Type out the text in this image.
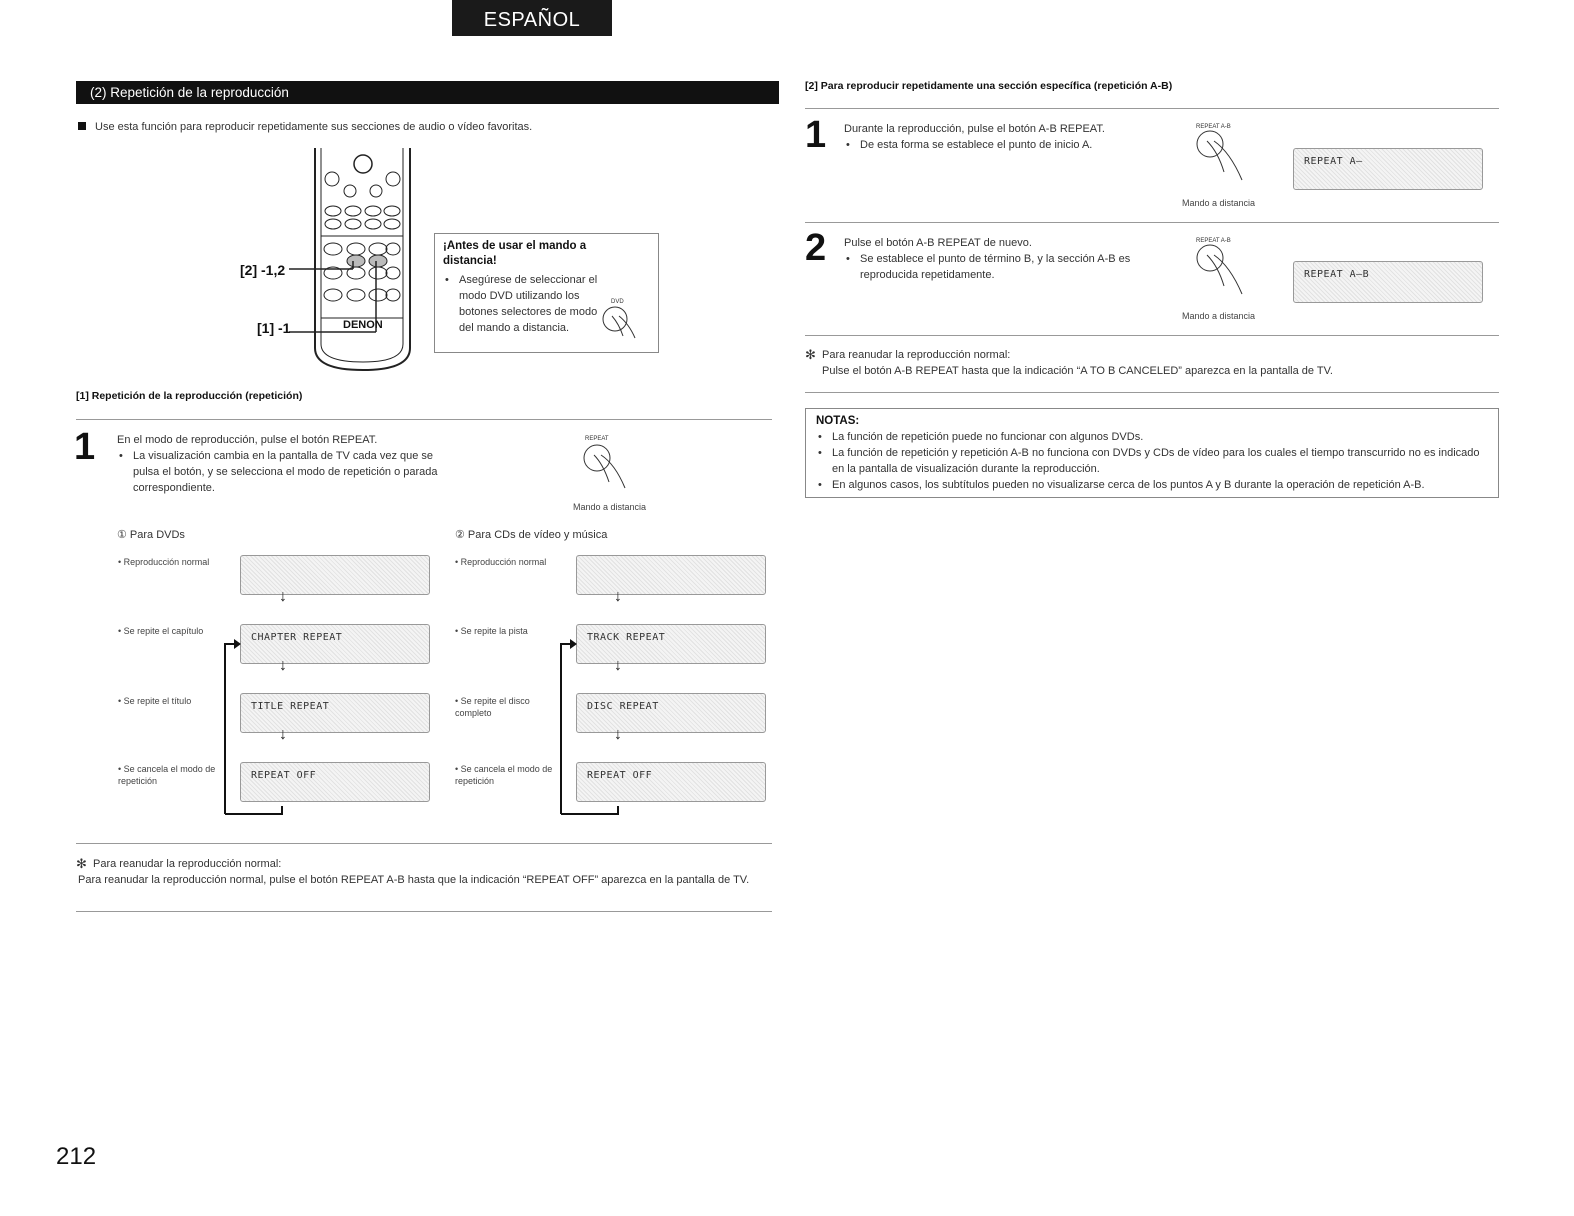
ESPAÑOL
(2) Repetición de la reproducción
Use esta función para reproducir repetidamente sus secciones de audio o vídeo favoritas.
DENON
[2] -1,2
[1] -1
¡Antes de usar el mando a distancia!
• Asegúrese de seleccionar el modo DVD utilizando los botones selectores de modo del mando a distancia.
DVD
[1] Repetición de la reproducción (repetición)
1 En el modo de reproducción, pulse el botón REPEAT.
• La visualización cambia en la pantalla de TV cada vez que se pulsa el botón, y se selecciona el modo de repetición o parada correspondiente.
REPEAT
Mando a distancia
① Para DVDs
• Reproducción normal
↓
• Se repite el capítulo
CHAPTER REPEAT
↓
• Se repite el título	TITLE REPEAT
↓
• Se cancela el modo de repetición	REPEAT OFF
② Para CDs de vídeo y música
• Reproducción normal
↓
• Se repite la pista
TRACK REPEAT
↓
• Se repite el disco completo
DISC REPEAT
↓
• Se cancela el modo de repetición	REPEAT OFF
✻ Para reanudar la reproducción normal:
Para reanudar la reproducción normal, pulse el botón REPEAT A-B hasta que la indicación “REPEAT OFF” aparezca en la pantalla de TV.
[2] Para reproducir repetidamente una sección específica (repetición A-B)
1 Durante la reproducción, pulse el botón A-B REPEAT.
• De esta forma se establece el punto de inicio A.
REPEAT A-B
Mando a distancia
REPEAT A—
2 Pulse el botón A-B REPEAT de nuevo.
• Se establece el punto de término B, y la sección A-B es reproducida repetidamente.
REPEAT A-B
Mando a distancia
REPEAT A—B
✻ Para reanudar la reproducción normal:
Pulse el botón A-B REPEAT hasta que la indicación “A TO B CANCELED” aparezca en la pantalla de TV.
NOTAS:
• La función de repetición puede no funcionar con algunos DVDs.
• La función de repetición y repetición A-B no funciona con DVDs y CDs de vídeo para los cuales el tiempo transcurrido no es indicado en la pantalla de visualización durante la reproducción.
• En algunos casos, los subtítulos pueden no visualizarse cerca de los puntos A y B durante la operación de repetición A-B.
212
